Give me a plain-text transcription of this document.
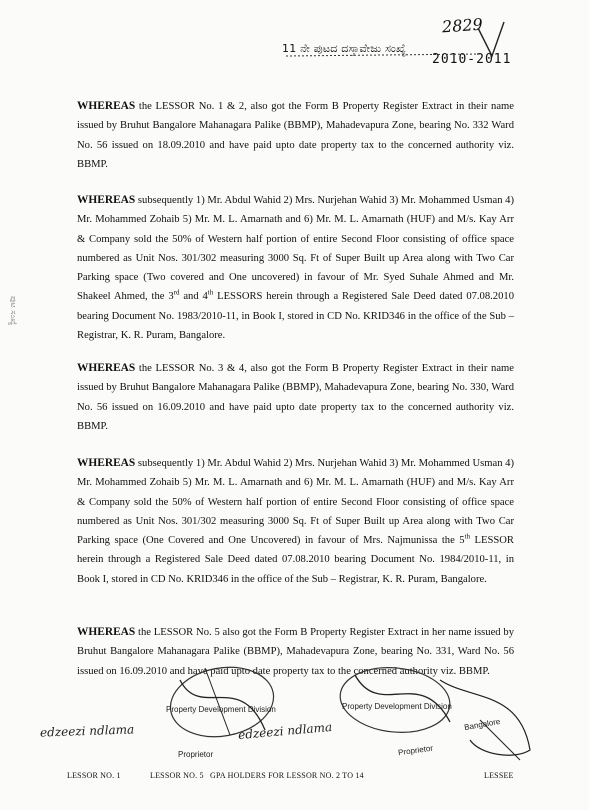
11 ನೇ ಪುಟದ ದಸ್ತಾವೇಜು ಸಂಖ್ಯೆ
2829
2010-2011
ಪುಟ ಸಂಖ್ಯೆ

WHEREAS the LESSOR No. 1 & 2, also got the Form B Property Register Extract in their name issued by Bruhut Bangalore Mahanagara Palike (BBMP), Mahadevapura Zone, bearing No. 332 Ward No. 56 issued on 18.09.2010 and have paid upto date property tax to the concerned authority viz. BBMP.

WHEREAS subsequently 1) Mr. Abdul Wahid 2) Mrs. Nurjehan Wahid 3) Mr. Mohammed Usman 4) Mr. Mohammed Zohaib 5) Mr. M. L. Amarnath and 6) Mr. M. L. Amarnath (HUF) and M/s. Kay Arr & Company sold the 50% of Western half portion of entire Second Floor consisting of office space numbered as Unit Nos. 301/302 measuring 3000 Sq. Ft of Super Built up Area along with Two Car Parking space (Two covered and One uncovered) in favour of Mr. Syed Suhale Ahmed and Mr. Shakeel Ahmed, the 3rd and 4th LESSORS herein through a Registered Sale Deed dated 07.08.2010 bearing Document No. 1983/2010-11, in Book I, stored in CD No. KRID346 in the office of the Sub – Registrar, K. R. Puram, Bangalore.

WHEREAS the LESSOR No. 3 & 4, also got the Form B Property Register Extract in their name issued by Bruhut Bangalore Mahanagara Palike (BBMP), Mahadevapura Zone, bearing No. 330, Ward No. 56 issued on 16.09.2010 and have paid upto date property tax to the concerned authority viz. BBMP.

WHEREAS subsequently 1) Mr. Abdul Wahid 2) Mrs. Nurjehan Wahid 3) Mr. Mohammed Usman 4) Mr. Mohammed Zohaib 5) Mr. M. L. Amarnath and 6) Mr. M. L. Amarnath (HUF) and M/s. Kay Arr & Company sold the 50% of Western half portion of entire Second Floor consisting of office space numbered as Unit Nos. 301/302 measuring 3000 Sq. Ft of Super Built up Area along with Two Car Parking space (One Covered and One Uncovered) in favour of Mrs. Najmunissa the 5th LESSOR herein through a Registered Sale Deed dated 07.08.2010 bearing Document No. 1984/2010-11, in Book I, stored in CD No. KRID346 in the office of the Sub – Registrar, K. R. Puram, Bangalore.

WHEREAS the LESSOR No. 5 also got the Form B Property Register Extract in her name issued by Bruhut Bangalore Mahanagara Palike (BBMP), Mahadevapura Zone, bearing No. 331, Ward No. 56 issued on 16.09.2010 and have paid upto date property tax to the concerned authority viz. BBMP.

edzeezi ndlama	edzeezi ndlama
Property Development Division	Property Development Division
Proprietor	Proprietor
Bangalore
LESSOR NO. 1	LESSOR NO. 5 GPA HOLDERS FOR LESSOR NO. 2 TO 14	LESSEE
